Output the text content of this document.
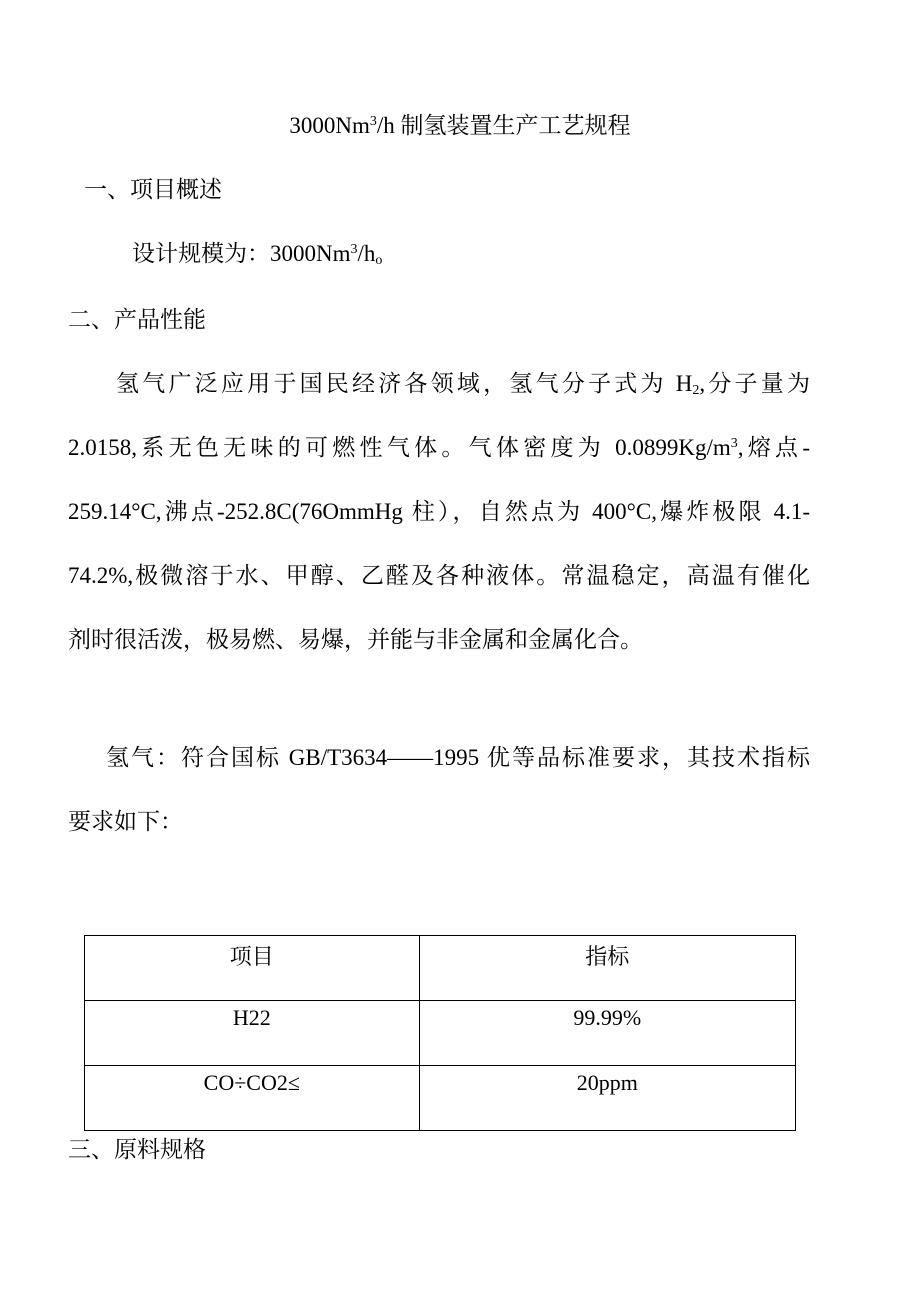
3000Nm$^3$/h 制氢装置生产工艺规程
一、项目概述
设计规模为：$3000Nm^3/h_o$
二、产品性能
氢气广泛应用于国民经济各领域，氢气分子式为 $H_2$,分子量为
2.0158,系无色无味的可燃性气体。气体密度为 $0.0899Kg/m^3$,熔点-
259.14°C,沸点-252.8C(76OmmHg 柱），自然点为 400°C,爆炸极限 4.1-
74.2%,极微溶于水、甲醇、乙醛及各种液体。常温稳定，高温有催化
剂时很活泼，极易燃、易爆，并能与非金属和金属化合。
氢气：符合国标 GB/T3634——1995 优等品标准要求，其技术指标
要求如下：
项目	指标
H22	99.99%
CO÷CO2≤	20ppm
三、原料规格
